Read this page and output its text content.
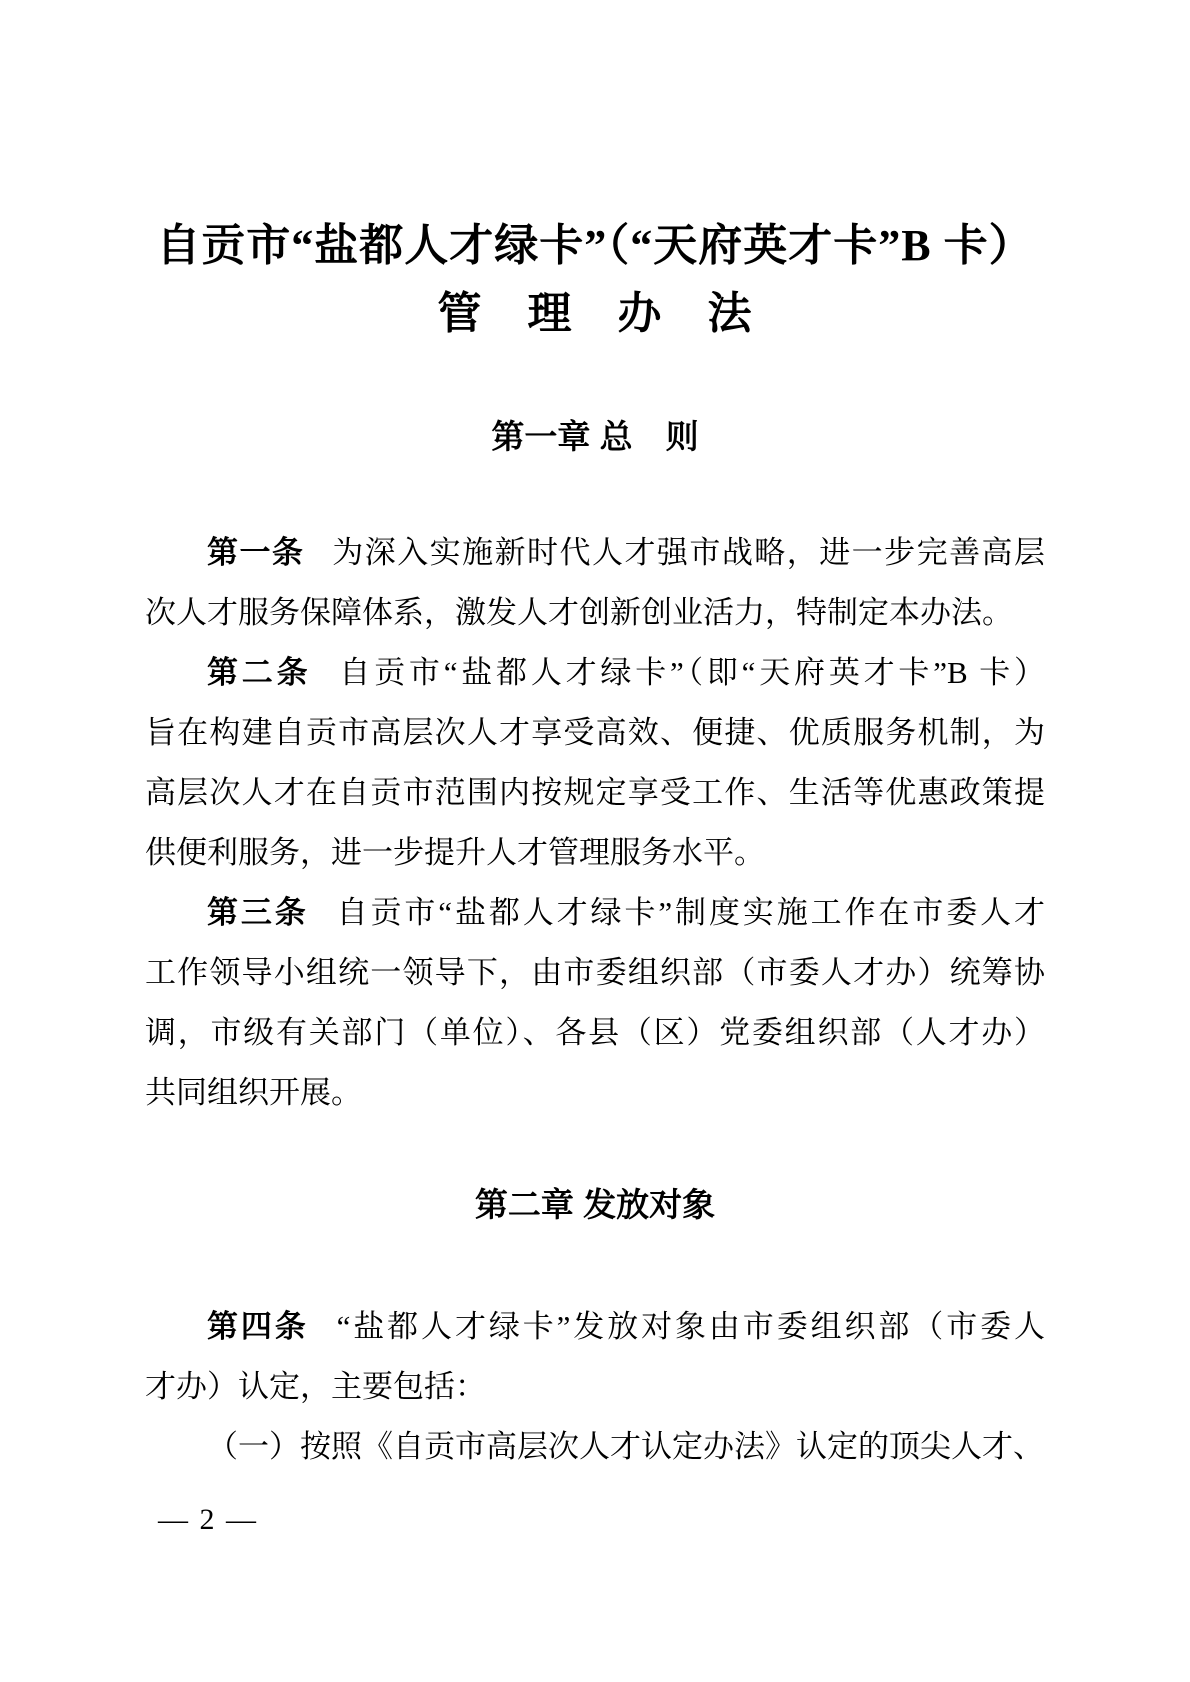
自贡市“盐都人才绿卡”（“天府英才卡”B 卡）
管　理　办　法
第一章 总　则
第一条 为深入实施新时代人才强市战略，进一步完善高层
次人才服务保障体系，激发人才创新创业活力，特制定本办法。
第二条 自贡市“盐都人才绿卡”（即“天府英才卡”B 卡）
旨在构建自贡市高层次人才享受高效、便捷、优质服务机制，为
高层次人才在自贡市范围内按规定享受工作、生活等优惠政策提
供便利服务，进一步提升人才管理服务水平。
第三条 自贡市“盐都人才绿卡”制度实施工作在市委人才
工作领导小组统一领导下，由市委组织部（市委人才办）统筹协
调，市级有关部门（单位）、各县（区）党委组织部（人才办）
共同组织开展。
第二章 发放对象
第四条 “盐都人才绿卡”发放对象由市委组织部（市委人
才办）认定，主要包括：
（一）按照《自贡市高层次人才认定办法》认定的顶尖人才、
— 2 —
